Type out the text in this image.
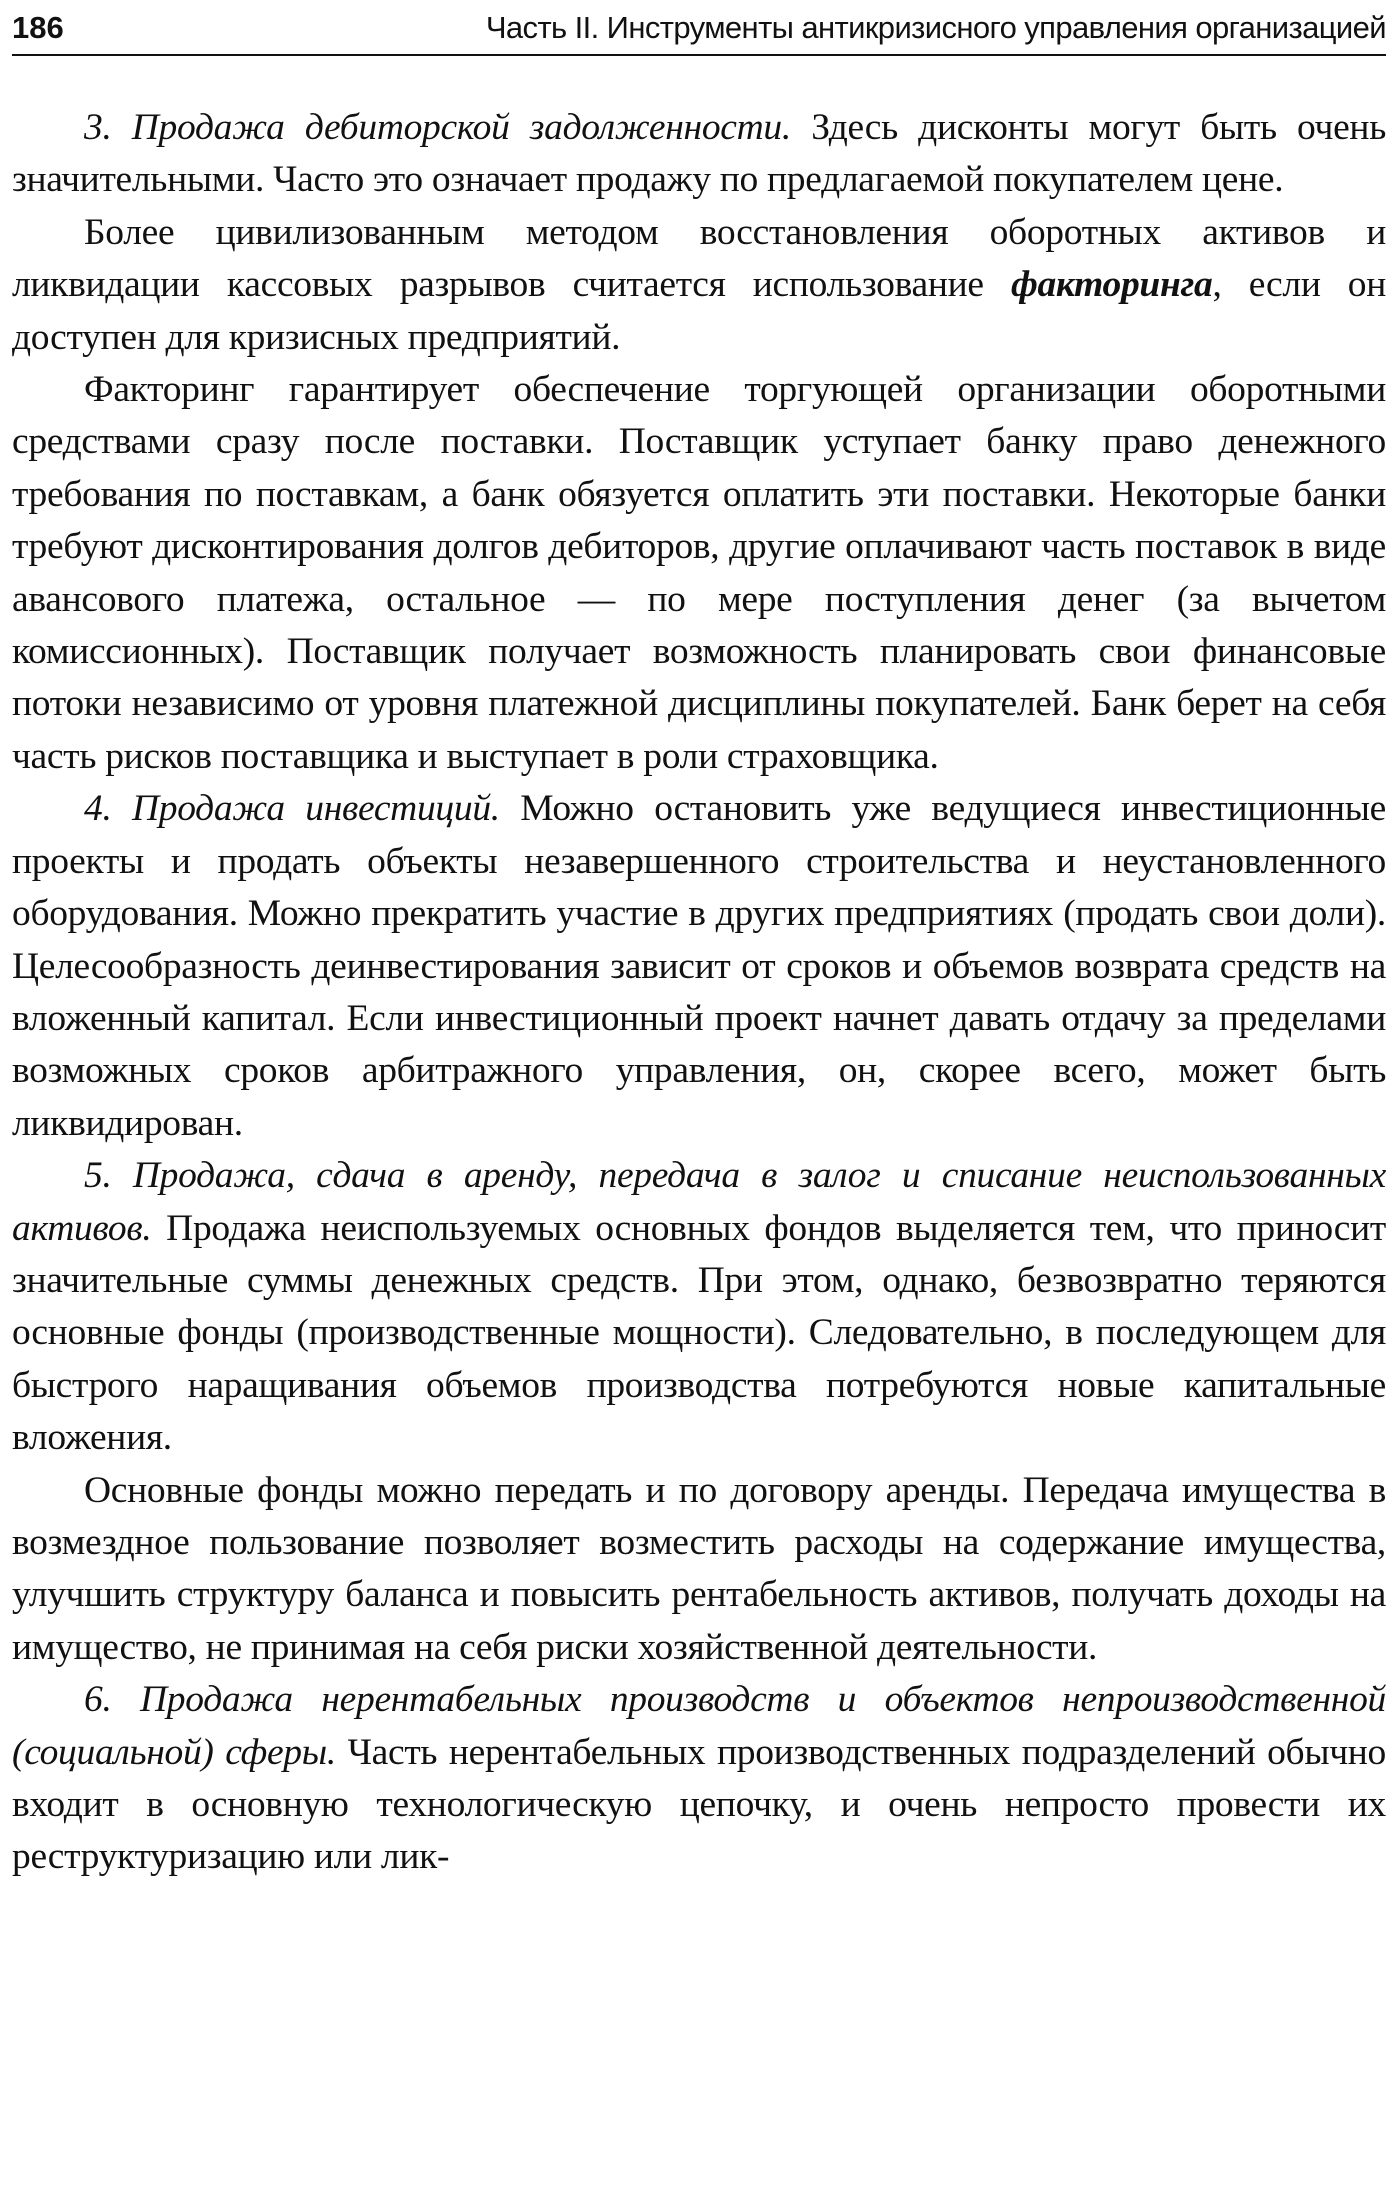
186	Часть II. Инструменты антикризисного управления организацией

3. Продажа дебиторской задолженности. Здесь дисконты могут быть очень значительными. Часто это означает продажу по предлагаемой покупателем цене.

Более цивилизованным методом восстановления оборотных активов и ликвидации кассовых разрывов считается использование факторинга, если он доступен для кризисных предприятий.

Факторинг гарантирует обеспечение торгующей организации оборотными средствами сразу после поставки. Поставщик уступает банку право денежного требования по поставкам, а банк обязуется оплатить эти поставки. Некоторые банки требуют дисконтирования долгов дебиторов, другие оплачивают часть поставок в виде авансового платежа, остальное — по мере поступления денег (за вычетом комиссионных). Поставщик получает возможность планировать свои финансовые потоки независимо от уровня платежной дисциплины покупателей. Банк берет на себя часть рисков поставщика и выступает в роли страховщика.

4. Продажа инвестиций. Можно остановить уже ведущиеся инвестиционные проекты и продать объекты незавершенного строительства и неустановленного оборудования. Можно прекратить участие в других предприятиях (продать свои доли). Целесообразность деинвестирования зависит от сроков и объемов возврата средств на вложенный капитал. Если инвестиционный проект начнет давать отдачу за пределами возможных сроков арбитражного управления, он, скорее всего, может быть ликвидирован.

5. Продажа, сдача в аренду, передача в залог и списание неиспользованных активов. Продажа неиспользуемых основных фондов выделяется тем, что приносит значительные суммы денежных средств. При этом, однако, безвозвратно теряются основные фонды (производственные мощности). Следовательно, в последующем для быстрого наращивания объемов производства потребуются новые капитальные вложения.

Основные фонды можно передать и по договору аренды. Передача имущества в возмездное пользование позволяет возместить расходы на содержание имущества, улучшить структуру баланса и повысить рентабельность активов, получать доходы на имущество, не принимая на себя риски хозяйственной деятельности.

6. Продажа нерентабельных производств и объектов непроизводственной (социальной) сферы. Часть нерентабельных производственных подразделений обычно входит в основную технологическую цепочку, и очень непросто провести их реструктуризацию или лик-
